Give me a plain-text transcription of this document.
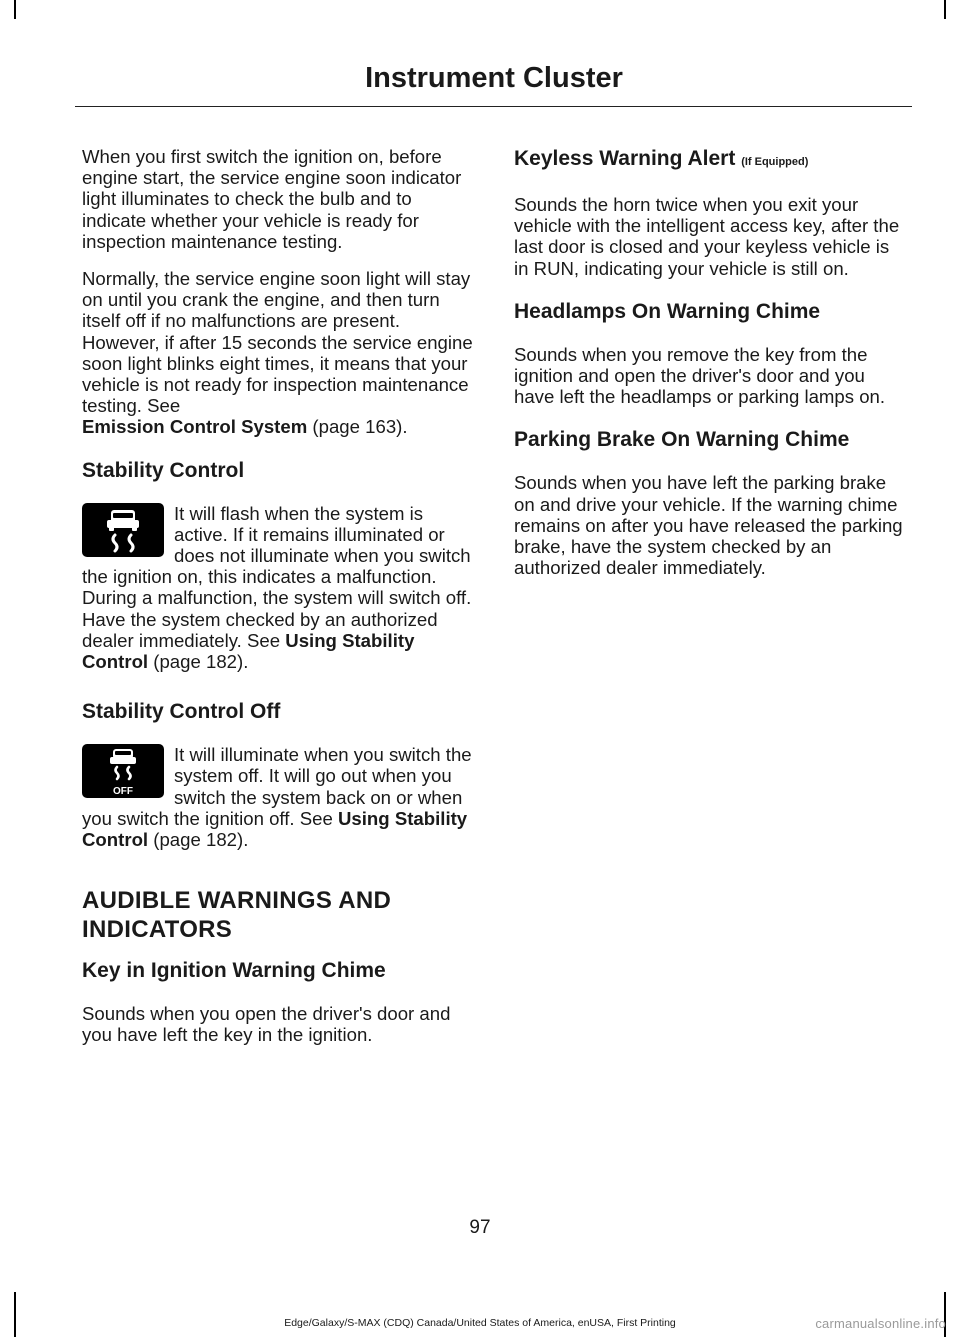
Instrument Cluster

When you first switch the ignition on, before engine start, the service engine soon indicator light illuminates to check the bulb and to indicate whether your vehicle is ready for inspection maintenance testing.

Normally, the service engine soon light will stay on until you crank the engine, and then turn itself off if no malfunctions are present. However, if after 15 seconds the service engine soon light blinks eight times, it means that your vehicle is not ready for inspection maintenance testing. See
Emission Control System (page 163).

Stability Control

It will flash when the system is active. If it remains illuminated or does not illuminate when you switch the ignition on, this indicates a malfunction. During a malfunction, the system will switch off. Have the system checked by an authorized dealer immediately. See Using Stability Control (page 182).

Stability Control Off
OFF

It will illuminate when you switch the system off. It will go out when you switch the system back on or when you switch the ignition off. See Using Stability Control (page 182).

AUDIBLE WARNINGS AND INDICATORS
Key in Ignition Warning Chime

Sounds when you open the driver's door and you have left the key in the ignition.

Keyless Warning Alert (If Equipped)

Sounds the horn twice when you exit your vehicle with the intelligent access key, after the last door is closed and your keyless vehicle is in RUN, indicating your vehicle is still on.

Headlamps On Warning Chime

Sounds when you remove the key from the ignition and open the driver's door and you have left the headlamps or parking lamps on.

Parking Brake On Warning Chime

Sounds when you have left the parking brake on and drive your vehicle. If the warning chime remains on after you have released the parking brake, have the system checked by an authorized dealer immediately.

97
Edge/Galaxy/S-MAX (CDQ) Canada/United States of America, enUSA, First Printing	carmanualsonline.info
